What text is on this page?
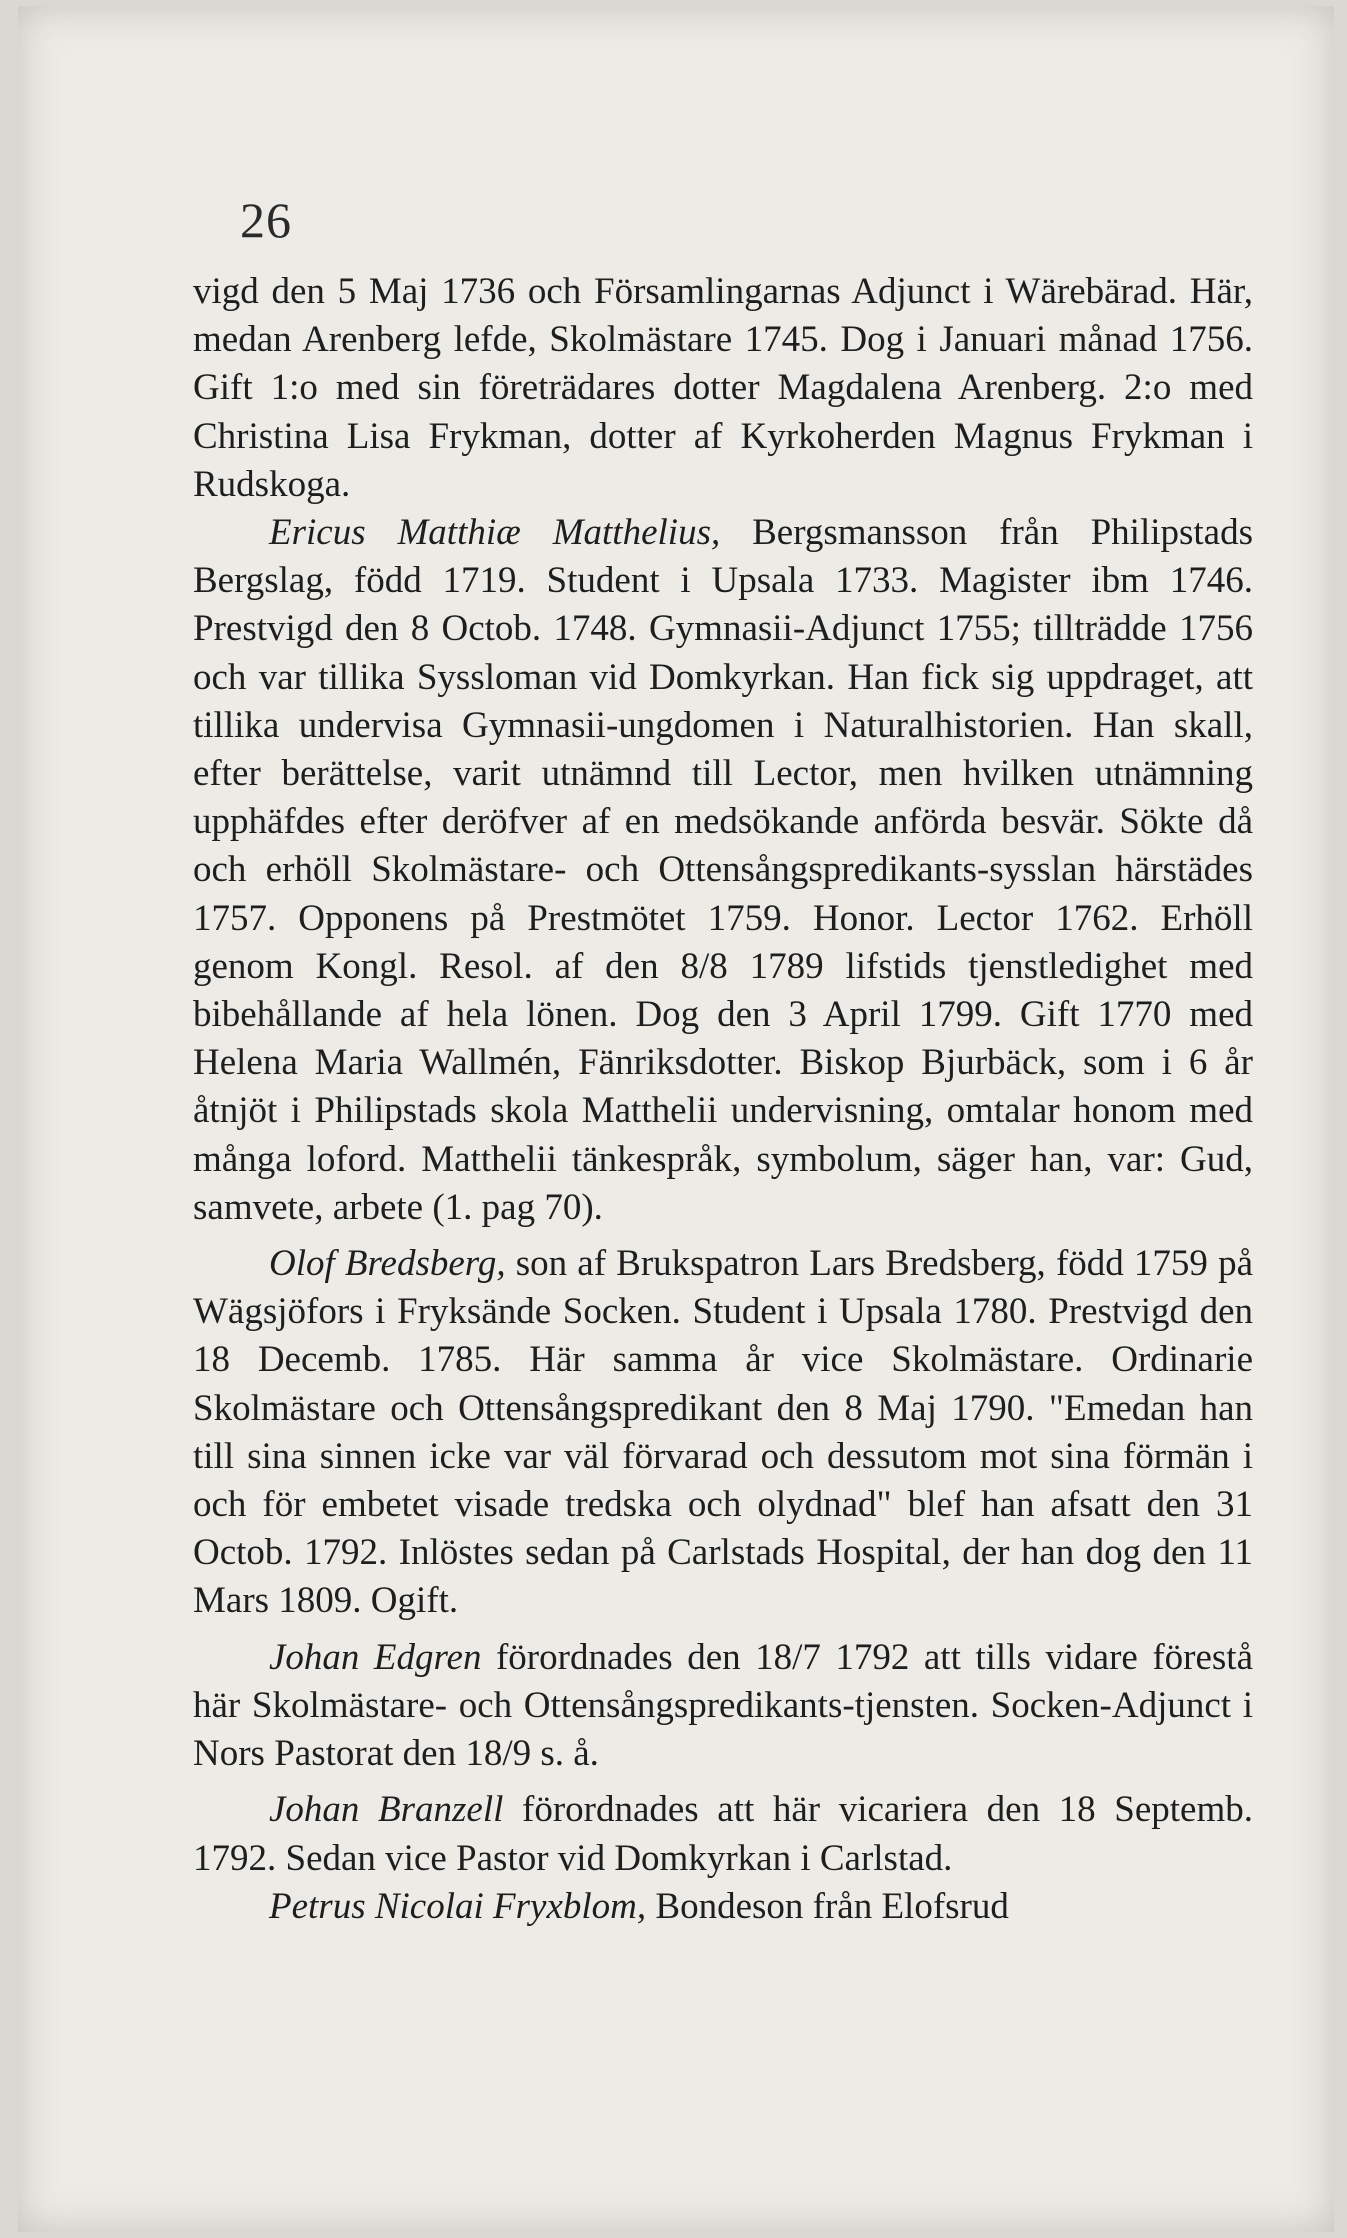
26

vigd den 5 Maj 1736 och Församlingarnas Adjunct i Wärebärad. Här, medan Arenberg lefde, Skolmästare 1745. Dog i Januari månad 1756. Gift 1:o med sin företrädares dotter Magdalena Arenberg. 2:o med Christina Lisa Frykman, dotter af Kyrkoherden Magnus Frykman i Rudskoga.

Ericus Matthiæ Matthelius, Bergsmansson från Philipstads Bergslag, född 1719. Student i Upsala 1733. Magister ibm 1746. Prestvigd den 8 Octob. 1748. Gymnasii-Adjunct 1755; tillträdde 1756 och var tillika Syssloman vid Domkyrkan. Han fick sig uppdraget, att tillika undervisa Gymnasii-ungdomen i Naturalhistorien. Han skall, efter berättelse, varit utnämnd till Lector, men hvilken utnämning upphäfdes efter deröfver af en medsökande anförda besvär. Sökte då och erhöll Skolmästare- och Ottensångspredikants-sysslan härstädes 1757. Opponens på Prestmötet 1759. Honor. Lector 1762. Erhöll genom Kongl. Resol. af den 8/8 1789 lifstids tjenstledighet med bibehållande af hela lönen. Dog den 3 April 1799. Gift 1770 med Helena Maria Wallmén, Fänriksdotter. Biskop Bjurbäck, som i 6 år åtnjöt i Philipstads skola Matthelii undervisning, omtalar honom med många loford. Matthelii tänkespråk, symbolum, säger han, var: Gud, samvete, arbete (1. pag 70).

Olof Bredsberg, son af Brukspatron Lars Bredsberg, född 1759 på Wägsjöfors i Fryksände Socken. Student i Upsala 1780. Prestvigd den 18 Decemb. 1785. Här samma år vice Skolmästare. Ordinarie Skolmästare och Ottensångspredikant den 8 Maj 1790. "Emedan han till sina sinnen icke var väl förvarad och dessutom mot sina förmän i och för embetet visade tredska och olydnad" blef han afsatt den 31 Octob. 1792. Inlöstes sedan på Carlstads Hospital, der han dog den 11 Mars 1809. Ogift.

Johan Edgren förordnades den 18/7 1792 att tills vidare förestå här Skolmästare- och Ottensångspredikants-tjensten. Socken-Adjunct i Nors Pastorat den 18/9 s. å.

Johan Branzell förordnades att här vicariera den 18 Septemb. 1792. Sedan vice Pastor vid Domkyrkan i Carlstad.

Petrus Nicolai Fryxblom, Bondeson från Elofsrud
